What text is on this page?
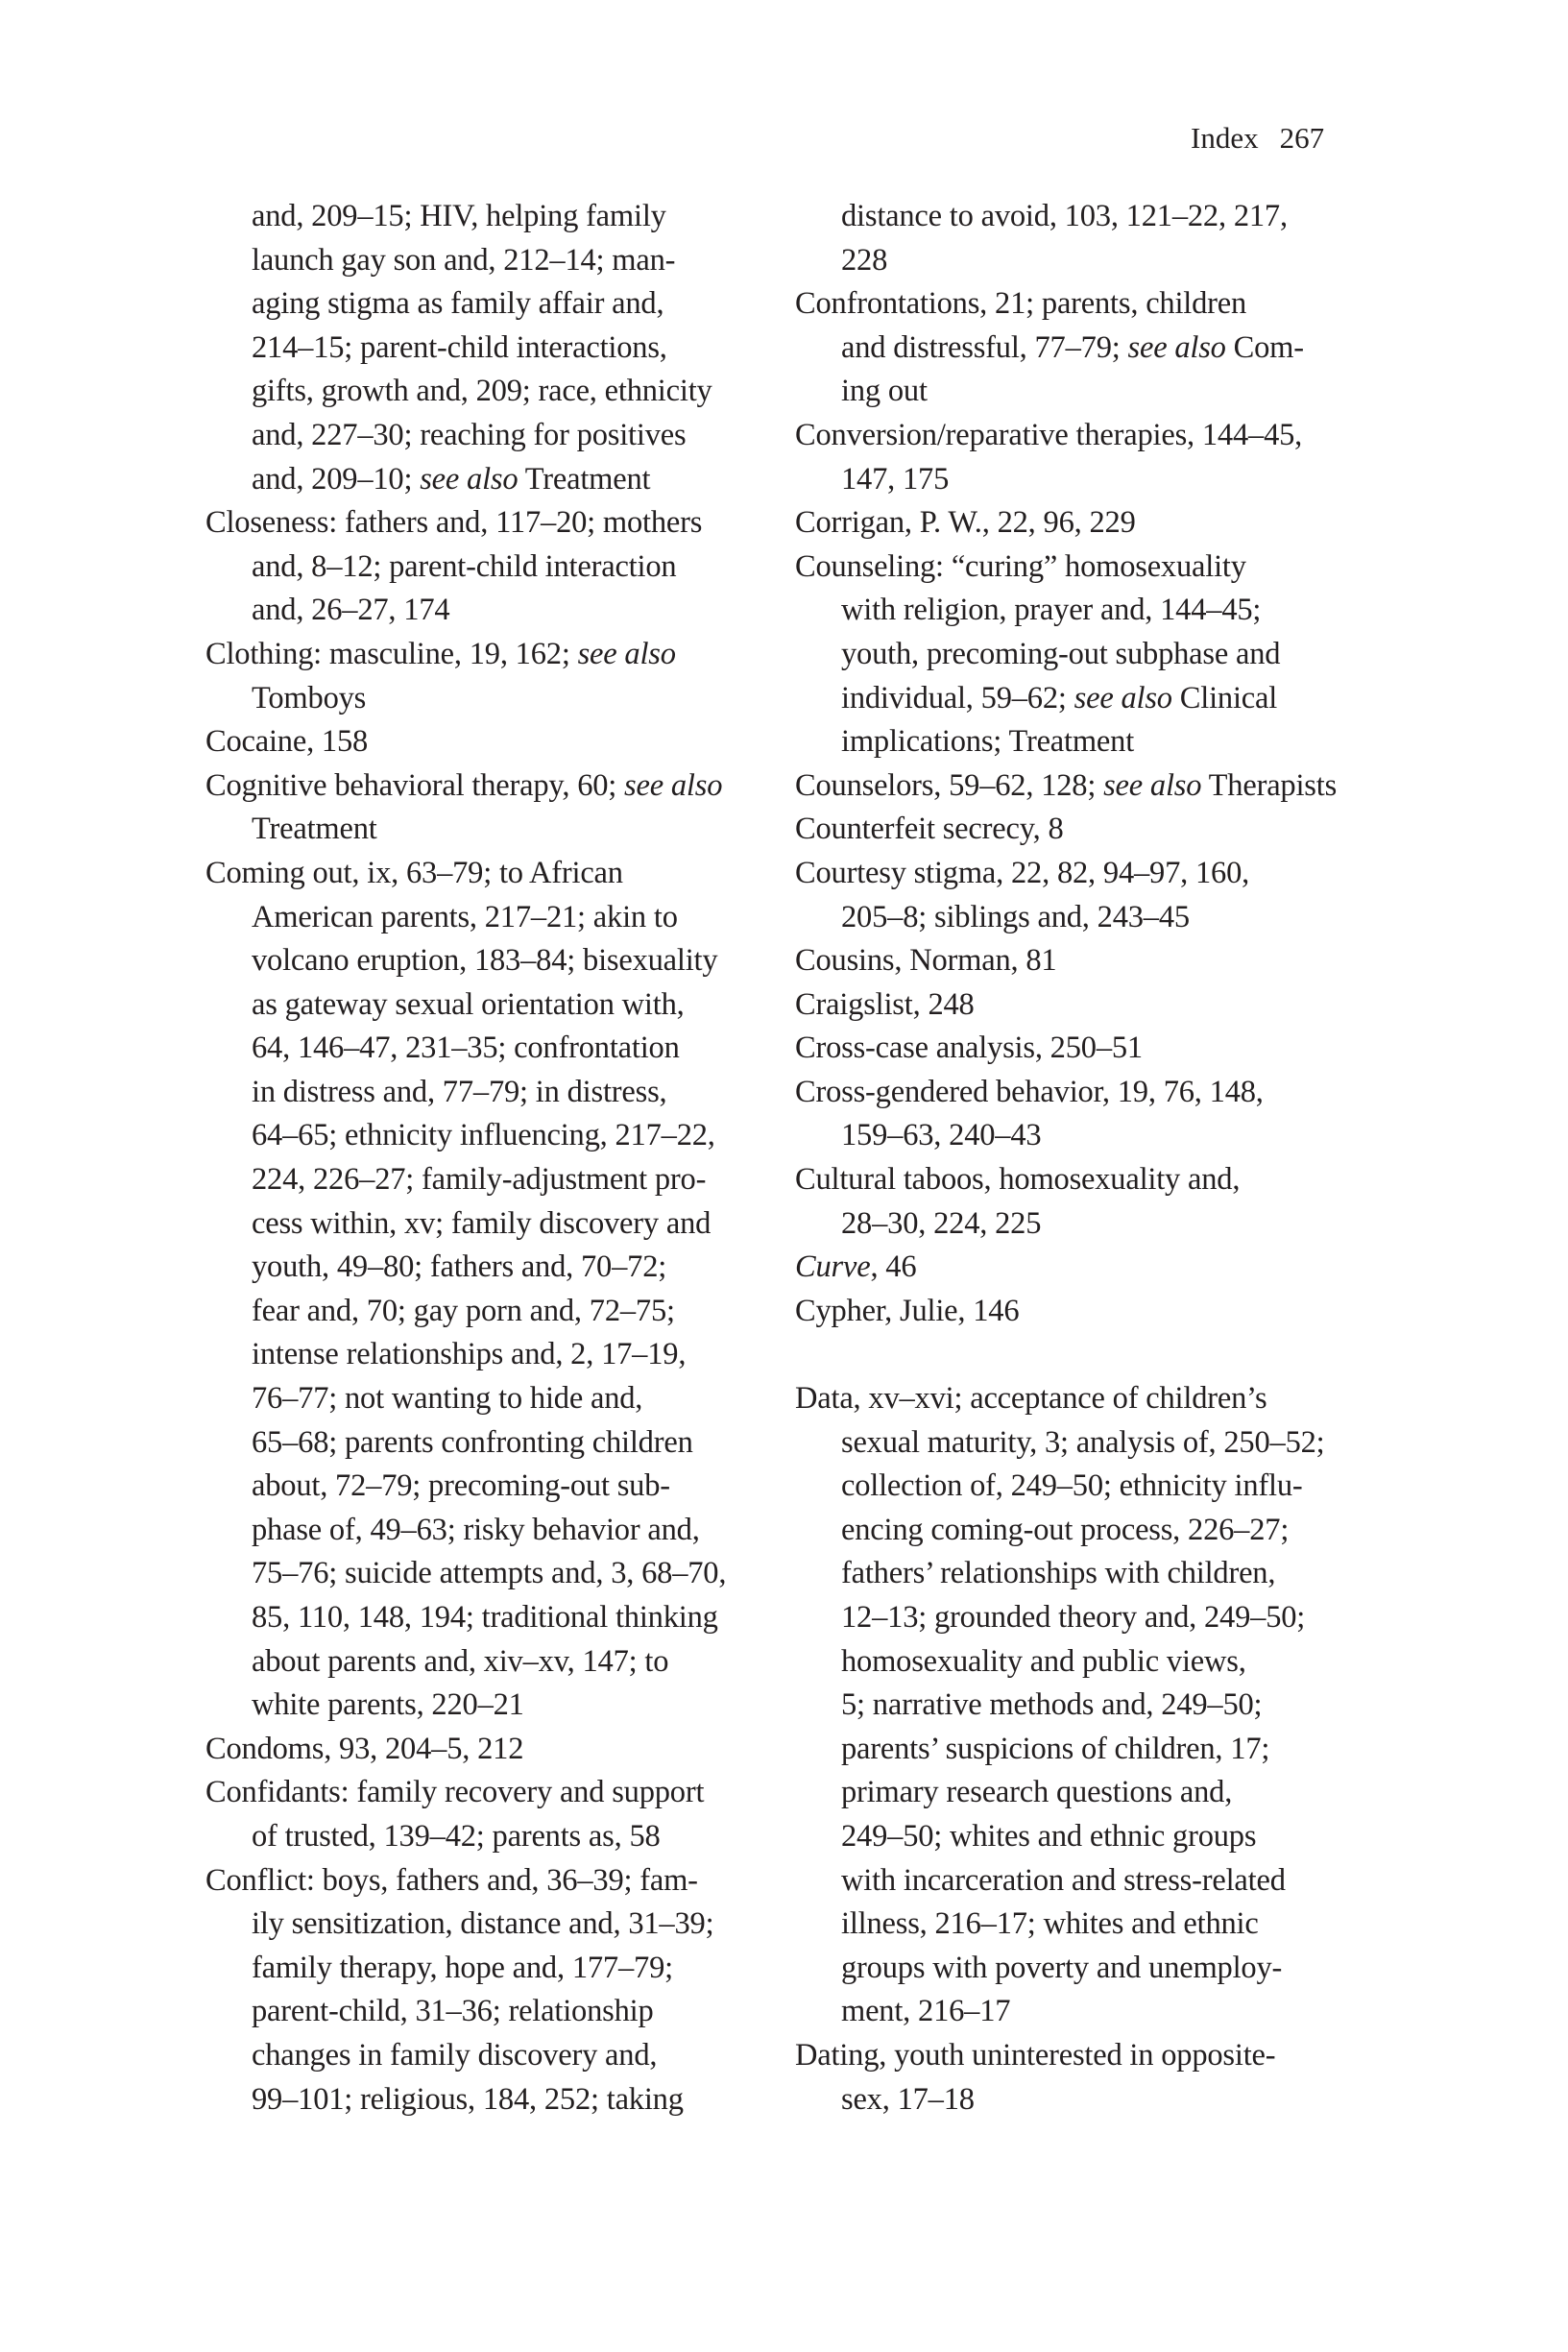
Index 267
and, 209–15; HIV, helping family
launch gay son and, 212–14; man-
aging stigma as family affair and,
214–15; parent-child interactions,
gifts, growth and, 209; race, ethnicity
and, 227–30; reaching for positives
and, 209–10; see also Treatment
Closeness: fathers and, 117–20; mothers
and, 8–12; parent-child interaction
and, 26–27, 174
Clothing: masculine, 19, 162; see also
Tomboys
Cocaine, 158
Cognitive behavioral therapy, 60; see also
Treatment
Coming out, ix, 63–79; to African
American parents, 217–21; akin to
volcano eruption, 183–84; bisexuality
as gateway sexual orientation with,
64, 146–47, 231–35; confrontation
in distress and, 77–79; in distress,
64–65; ethnicity influencing, 217–22,
224, 226–27; family-adjustment pro-
cess within, xv; family discovery and
youth, 49–80; fathers and, 70–72;
fear and, 70; gay porn and, 72–75;
intense relationships and, 2, 17–19,
76–77; not wanting to hide and,
65–68; parents confronting children
about, 72–79; precoming-out sub-
phase of, 49–63; risky behavior and,
75–76; suicide attempts and, 3, 68–70,
85, 110, 148, 194; traditional thinking
about parents and, xiv–xv, 147; to
white parents, 220–21
Condoms, 93, 204–5, 212
Confidants: family recovery and support
of trusted, 139–42; parents as, 58
Conflict: boys, fathers and, 36–39; fam-
ily sensitization, distance and, 31–39;
family therapy, hope and, 177–79;
parent-child, 31–36; relationship
changes in family discovery and,
99–101; religious, 184, 252; taking
distance to avoid, 103, 121–22, 217,
228
Confrontations, 21; parents, children
and distressful, 77–79; see also Com-
ing out
Conversion/reparative therapies, 144–45,
147, 175
Corrigan, P. W., 22, 96, 229
Counseling: “curing” homosexuality
with religion, prayer and, 144–45;
youth, precoming-out subphase and
individual, 59–62; see also Clinical
implications; Treatment
Counselors, 59–62, 128; see also Therapists
Counterfeit secrecy, 8
Courtesy stigma, 22, 82, 94–97, 160,
205–8; siblings and, 243–45
Cousins, Norman, 81
Craigslist, 248
Cross-case analysis, 250–51
Cross-gendered behavior, 19, 76, 148,
159–63, 240–43
Cultural taboos, homosexuality and,
28–30, 224, 225
Curve, 46
Cypher, Julie, 146
Data, xv–xvi; acceptance of children’s
sexual maturity, 3; analysis of, 250–52;
collection of, 249–50; ethnicity influ-
encing coming-out process, 226–27;
fathers’ relationships with children,
12–13; grounded theory and, 249–50;
homosexuality and public views,
5; narrative methods and, 249–50;
parents’ suspicions of children, 17;
primary research questions and,
249–50; whites and ethnic groups
with incarceration and stress-related
illness, 216–17; whites and ethnic
groups with poverty and unemploy-
ment, 216–17
Dating, youth uninterested in opposite-
sex, 17–18
